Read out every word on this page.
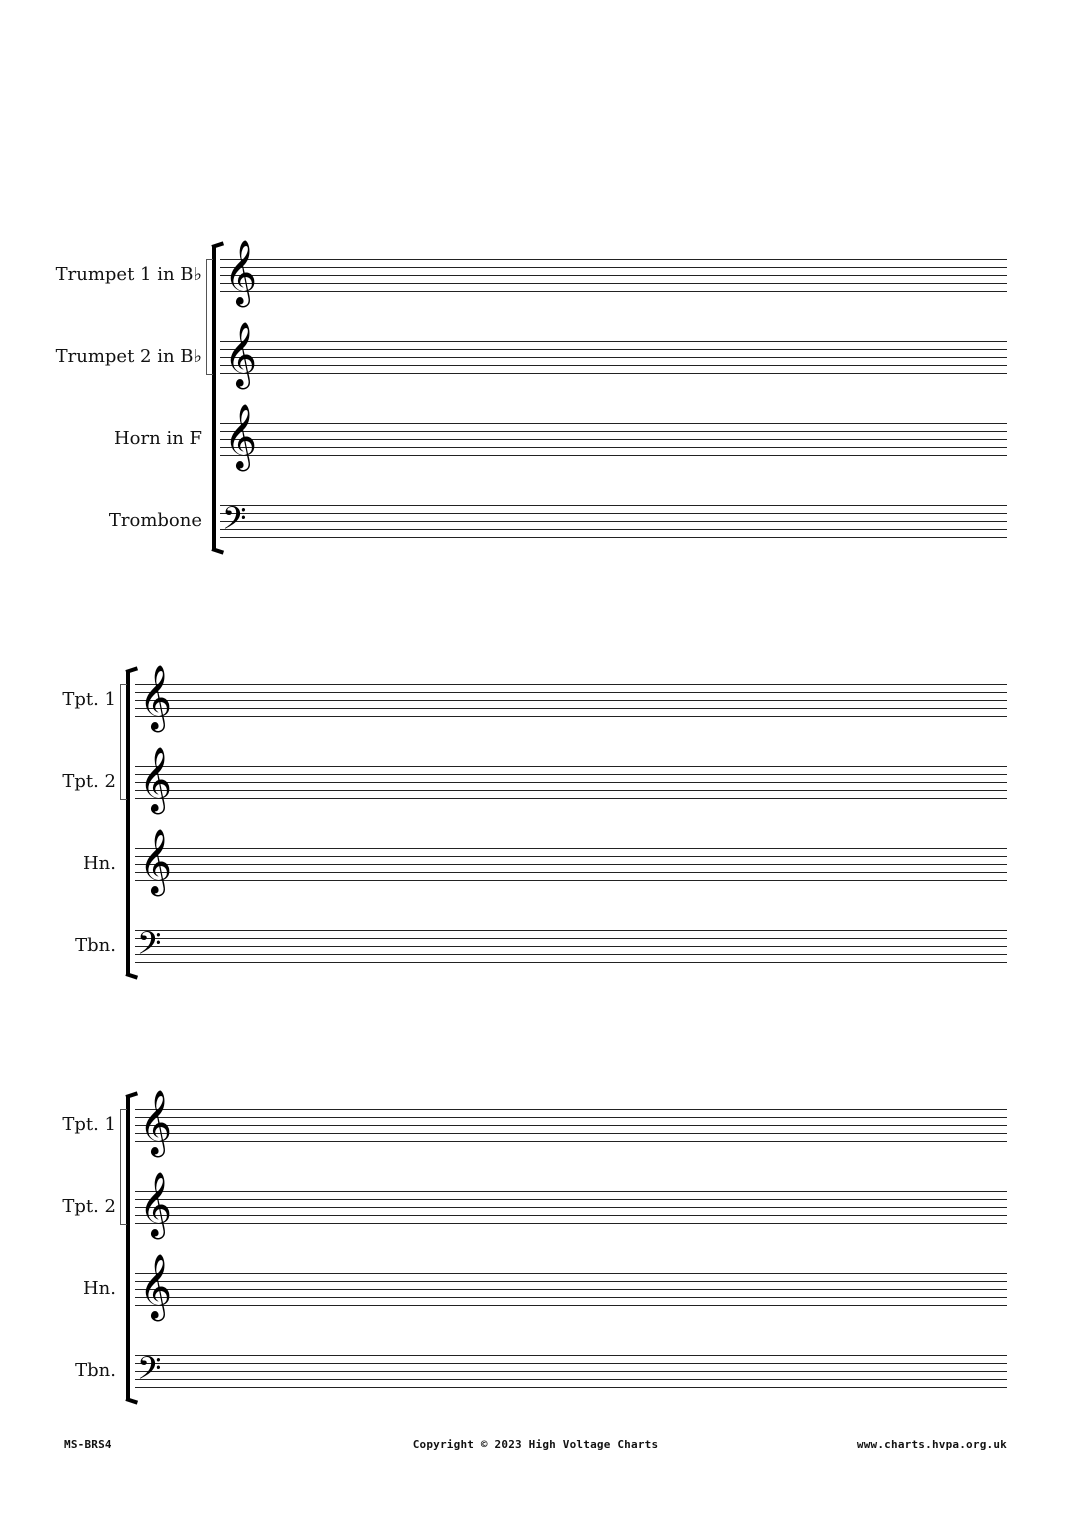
Trumpet 1 in B♭ 𝄞
Trumpet 2 in B♭ 𝄞
Horn in F 𝄞
Trombone 𝄢
Tpt. 1 𝄞
Tpt. 2 𝄞
Hn. 𝄞
Tbn. 𝄢
Tpt. 1 𝄞
Tpt. 2 𝄞
Hn. 𝄞
Tbn. 𝄢
MS-BRS4	Copyright © 2023 High Voltage Charts	www.charts.hvpa.org.uk
